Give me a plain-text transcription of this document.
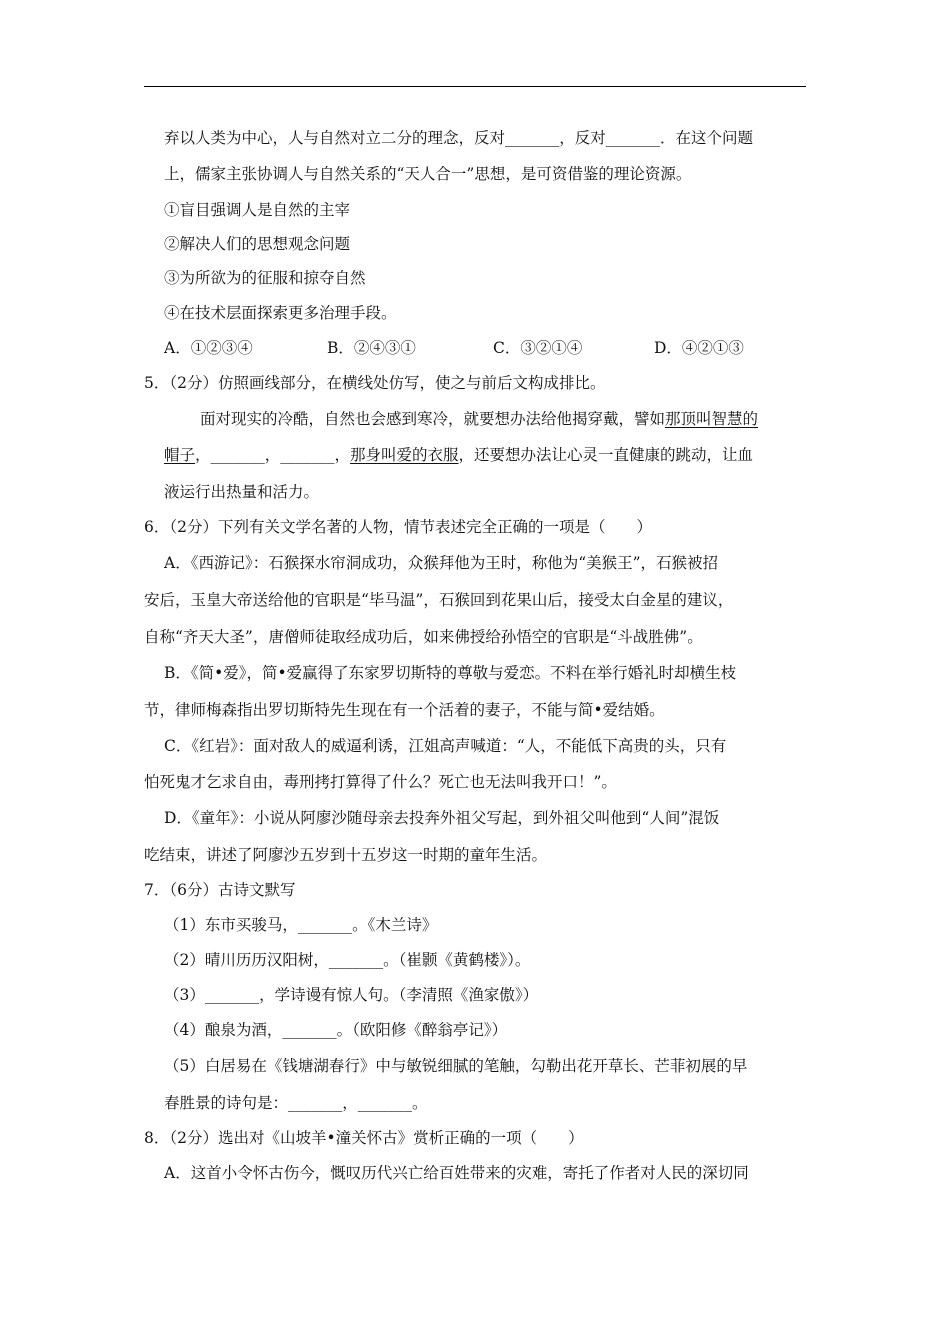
弃以人类为中心，人与自然对立二分的理念，反对_______，反对_______．在这个问题
上，儒家主张协调人与自然关系的“天人合一”思想，是可资借鉴的理论资源。
①盲目强调人是自然的主宰
②解决人们的思想观念问题
③为所欲为的征服和掠夺自然
④在技术层面探索更多治理手段。
A．①②③④	B．②④③①	C．③②①④	D．④②①③
5．（2分）仿照画线部分，在横线处仿写，使之与前后文构成排比。
面对现实的冷酷，自然也会感到寒冷，就要想办法给他揭穿戴，譬如那顶叫智慧的
帽子，_______，_______，那身叫爱的衣服，还要想办法让心灵一直健康的跳动，让血
液运行出热量和活力。
6．（2分）下列有关文学名著的人物，情节表述完全正确的一项是（　　）
A．《西游记》：石猴探水帘洞成功，众猴拜他为王时，称他为“美猴王”，石猴被招
安后，玉皇大帝送给他的官职是“毕马温”，石猴回到花果山后，接受太白金星的建议，
自称“齐天大圣”，唐僧师徒取经成功后，如来佛授给孙悟空的官职是“斗战胜佛”。
B．《简•爱》，简•爱赢得了东家罗切斯特的尊敬与爱恋。不料在举行婚礼时却横生枝
节，律师梅森指出罗切斯特先生现在有一个活着的妻子，不能与简•爱结婚。
C．《红岩》：面对敌人的威逼利诱，江姐高声喊道：“人，不能低下高贵的头，只有
怕死鬼才乞求自由，毒刑拷打算得了什么？死亡也无法叫我开口！”。
D．《童年》：小说从阿廖沙随母亲去投奔外祖父写起，到外祖父叫他到“人间”混饭
吃结束，讲述了阿廖沙五岁到十五岁这一时期的童年生活。
7．（6分）古诗文默写
（1）东市买骏马，_______。《木兰诗》
（2）晴川历历汉阳树，_______。（崔颢《黄鹤楼》）。
（3）_______，学诗谩有惊人句。（李清照《渔家傲》）
（4）酿泉为酒，_______。（欧阳修《醉翁亭记》）
（5）白居易在《钱塘湖春行》中与敏锐细腻的笔触，勾勒出花开草长、芒菲初展的早
春胜景的诗句是：_______，_______。
8．（2分）选出对《山坡羊•潼关怀古》赏析正确的一项（　　）
A．这首小令怀古伤今，慨叹历代兴亡给百姓带来的灾难，寄托了作者对人民的深切同
